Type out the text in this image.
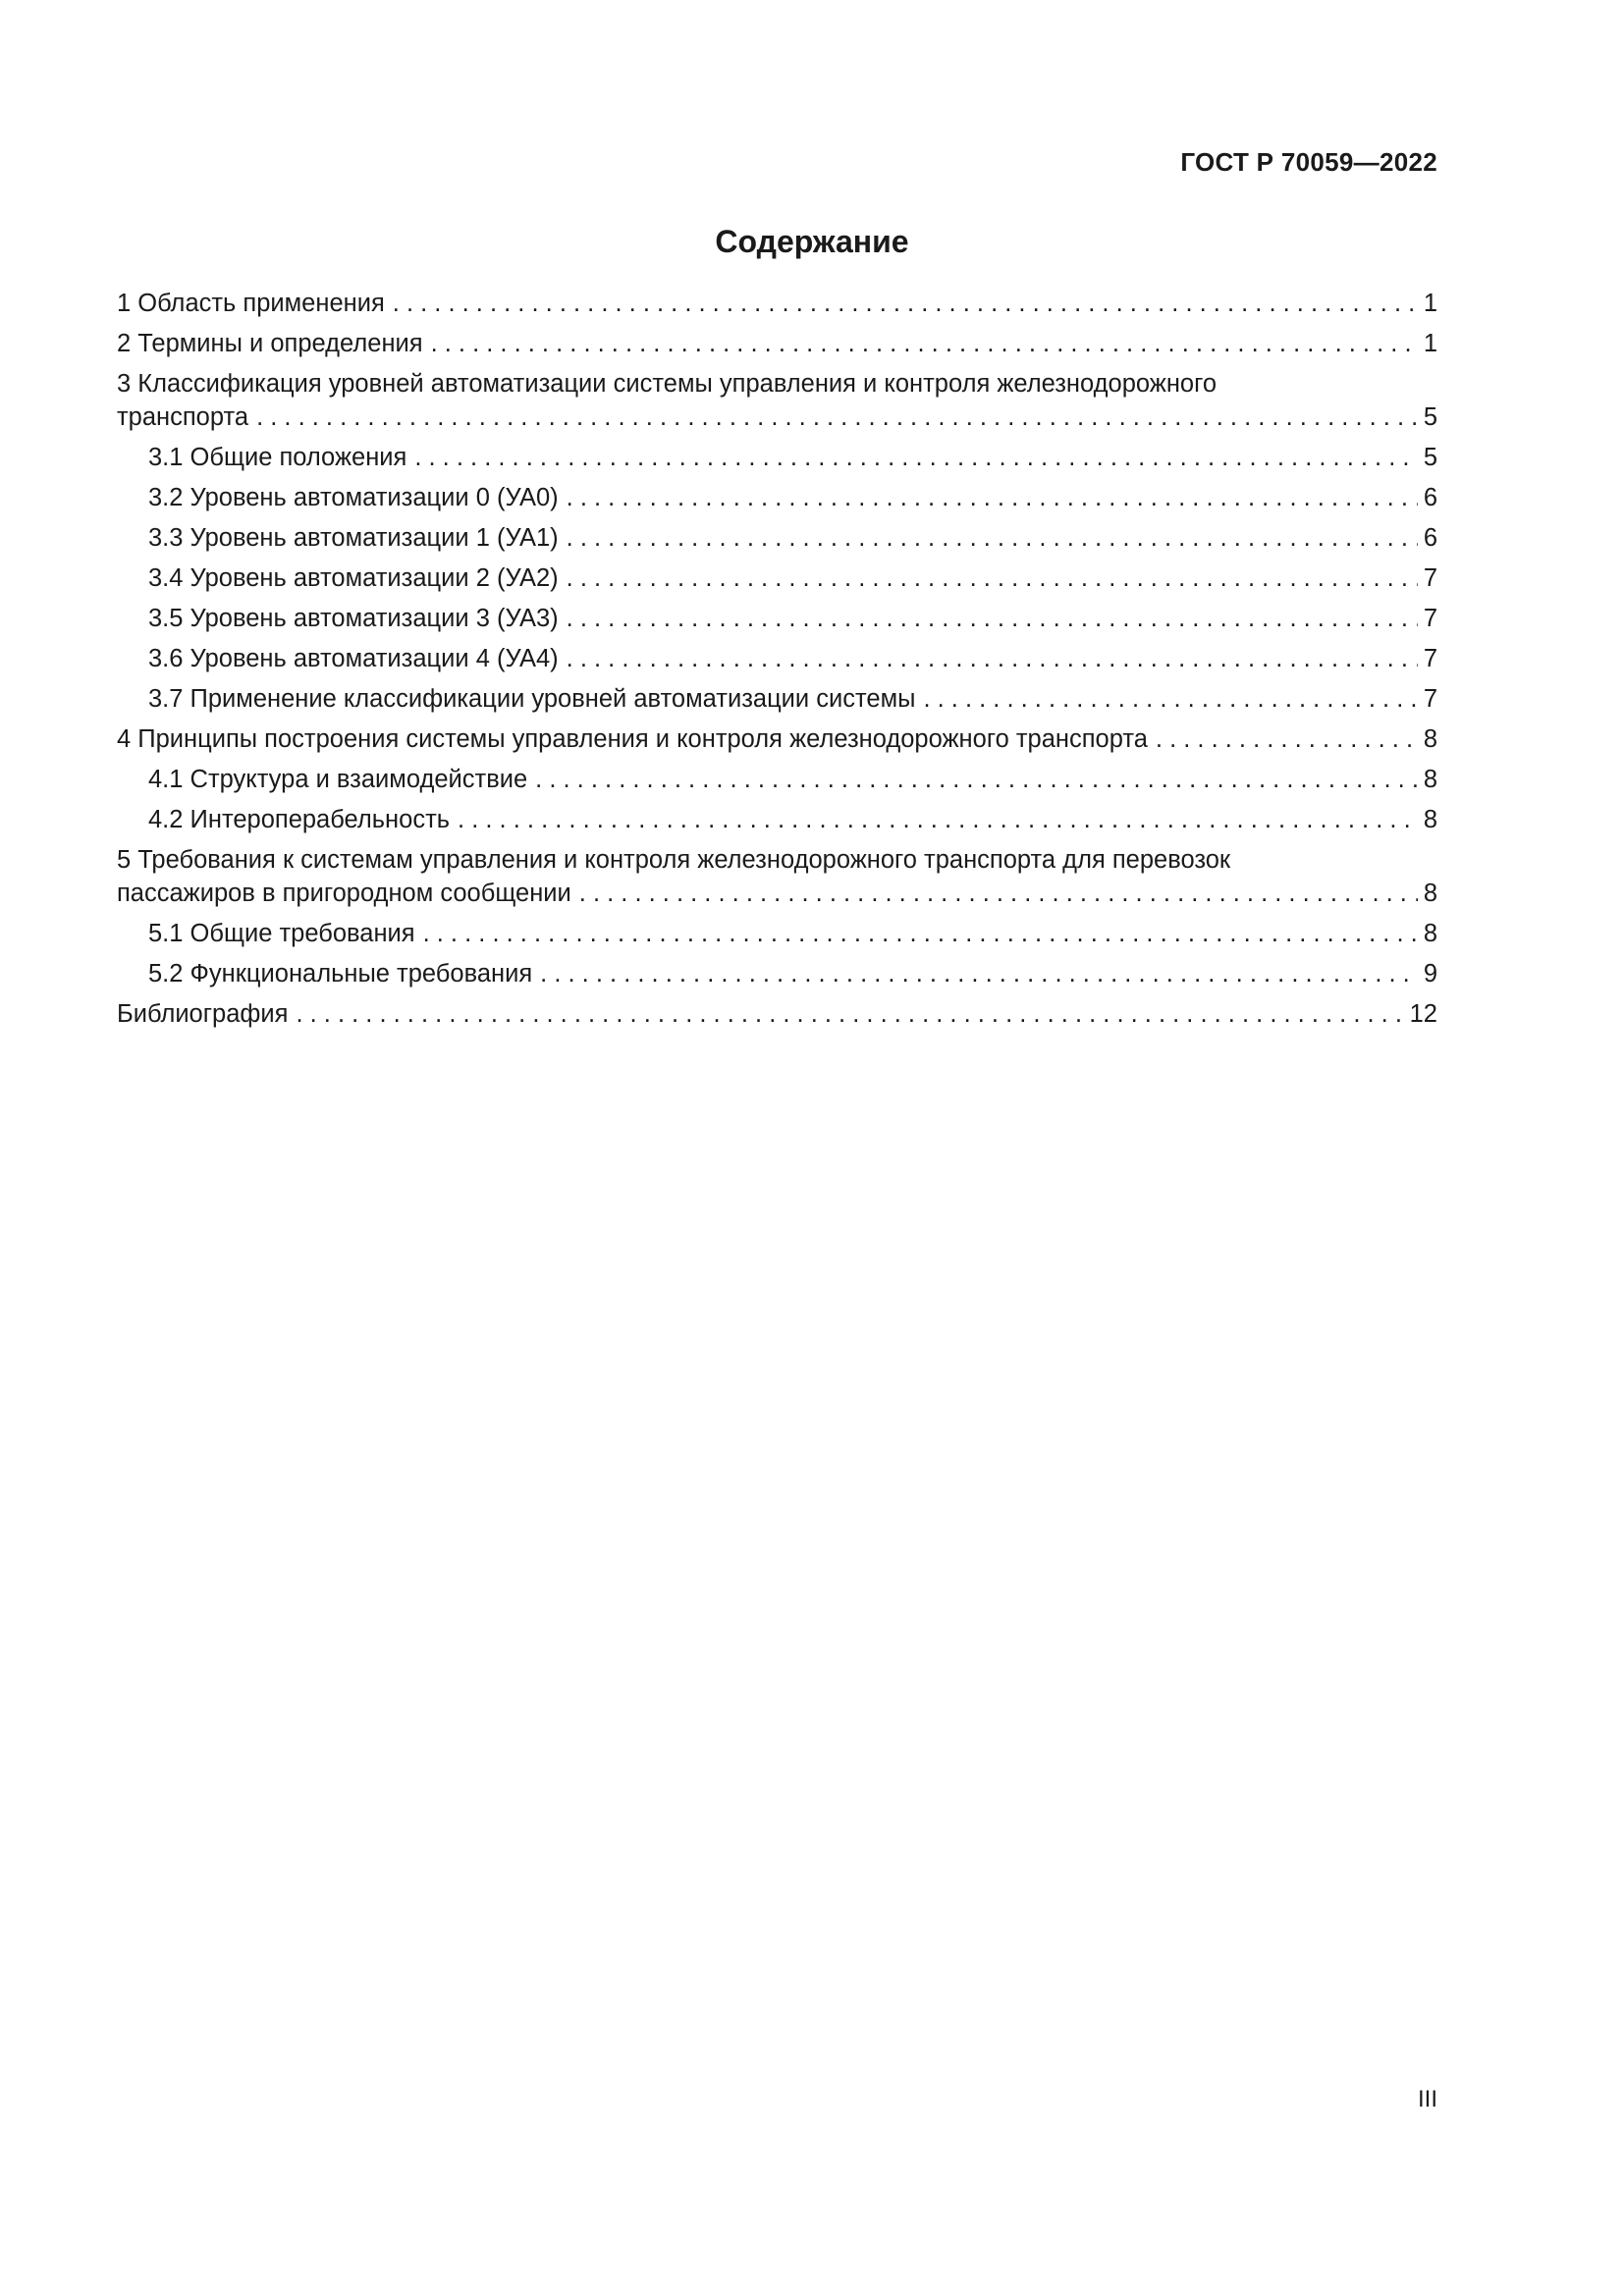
ГОСТ Р 70059—2022
Содержание
1 Область применения . . .	1
2 Термины и определения . . .	1
3 Классификация уровней автоматизации системы управления и контроля железнодорожного
транспорта . . .	5
3.1 Общие положения . . .	5
3.2 Уровень автоматизации 0 (УА0) . . .	6
3.3 Уровень автоматизации 1 (УА1) . . .	6
3.4 Уровень автоматизации 2 (УА2) . . .	7
3.5 Уровень автоматизации 3 (УА3) . . .	7
3.6 Уровень автоматизации 4 (УА4) . . .	7
3.7 Применение классификации уровней автоматизации системы . . .	7
4 Принципы построения системы управления и контроля железнодорожного транспорта . . .	8
4.1 Структура и взаимодействие . . .	8
4.2 Интероперабельность . . .	8
5 Требования к системам управления и контроля железнодорожного транспорта для перевозок
пассажиров в пригородном сообщении . . .	8
5.1 Общие требования . . .	8
5.2 Функциональные требования . . .	9
Библиография . . .	12
III
